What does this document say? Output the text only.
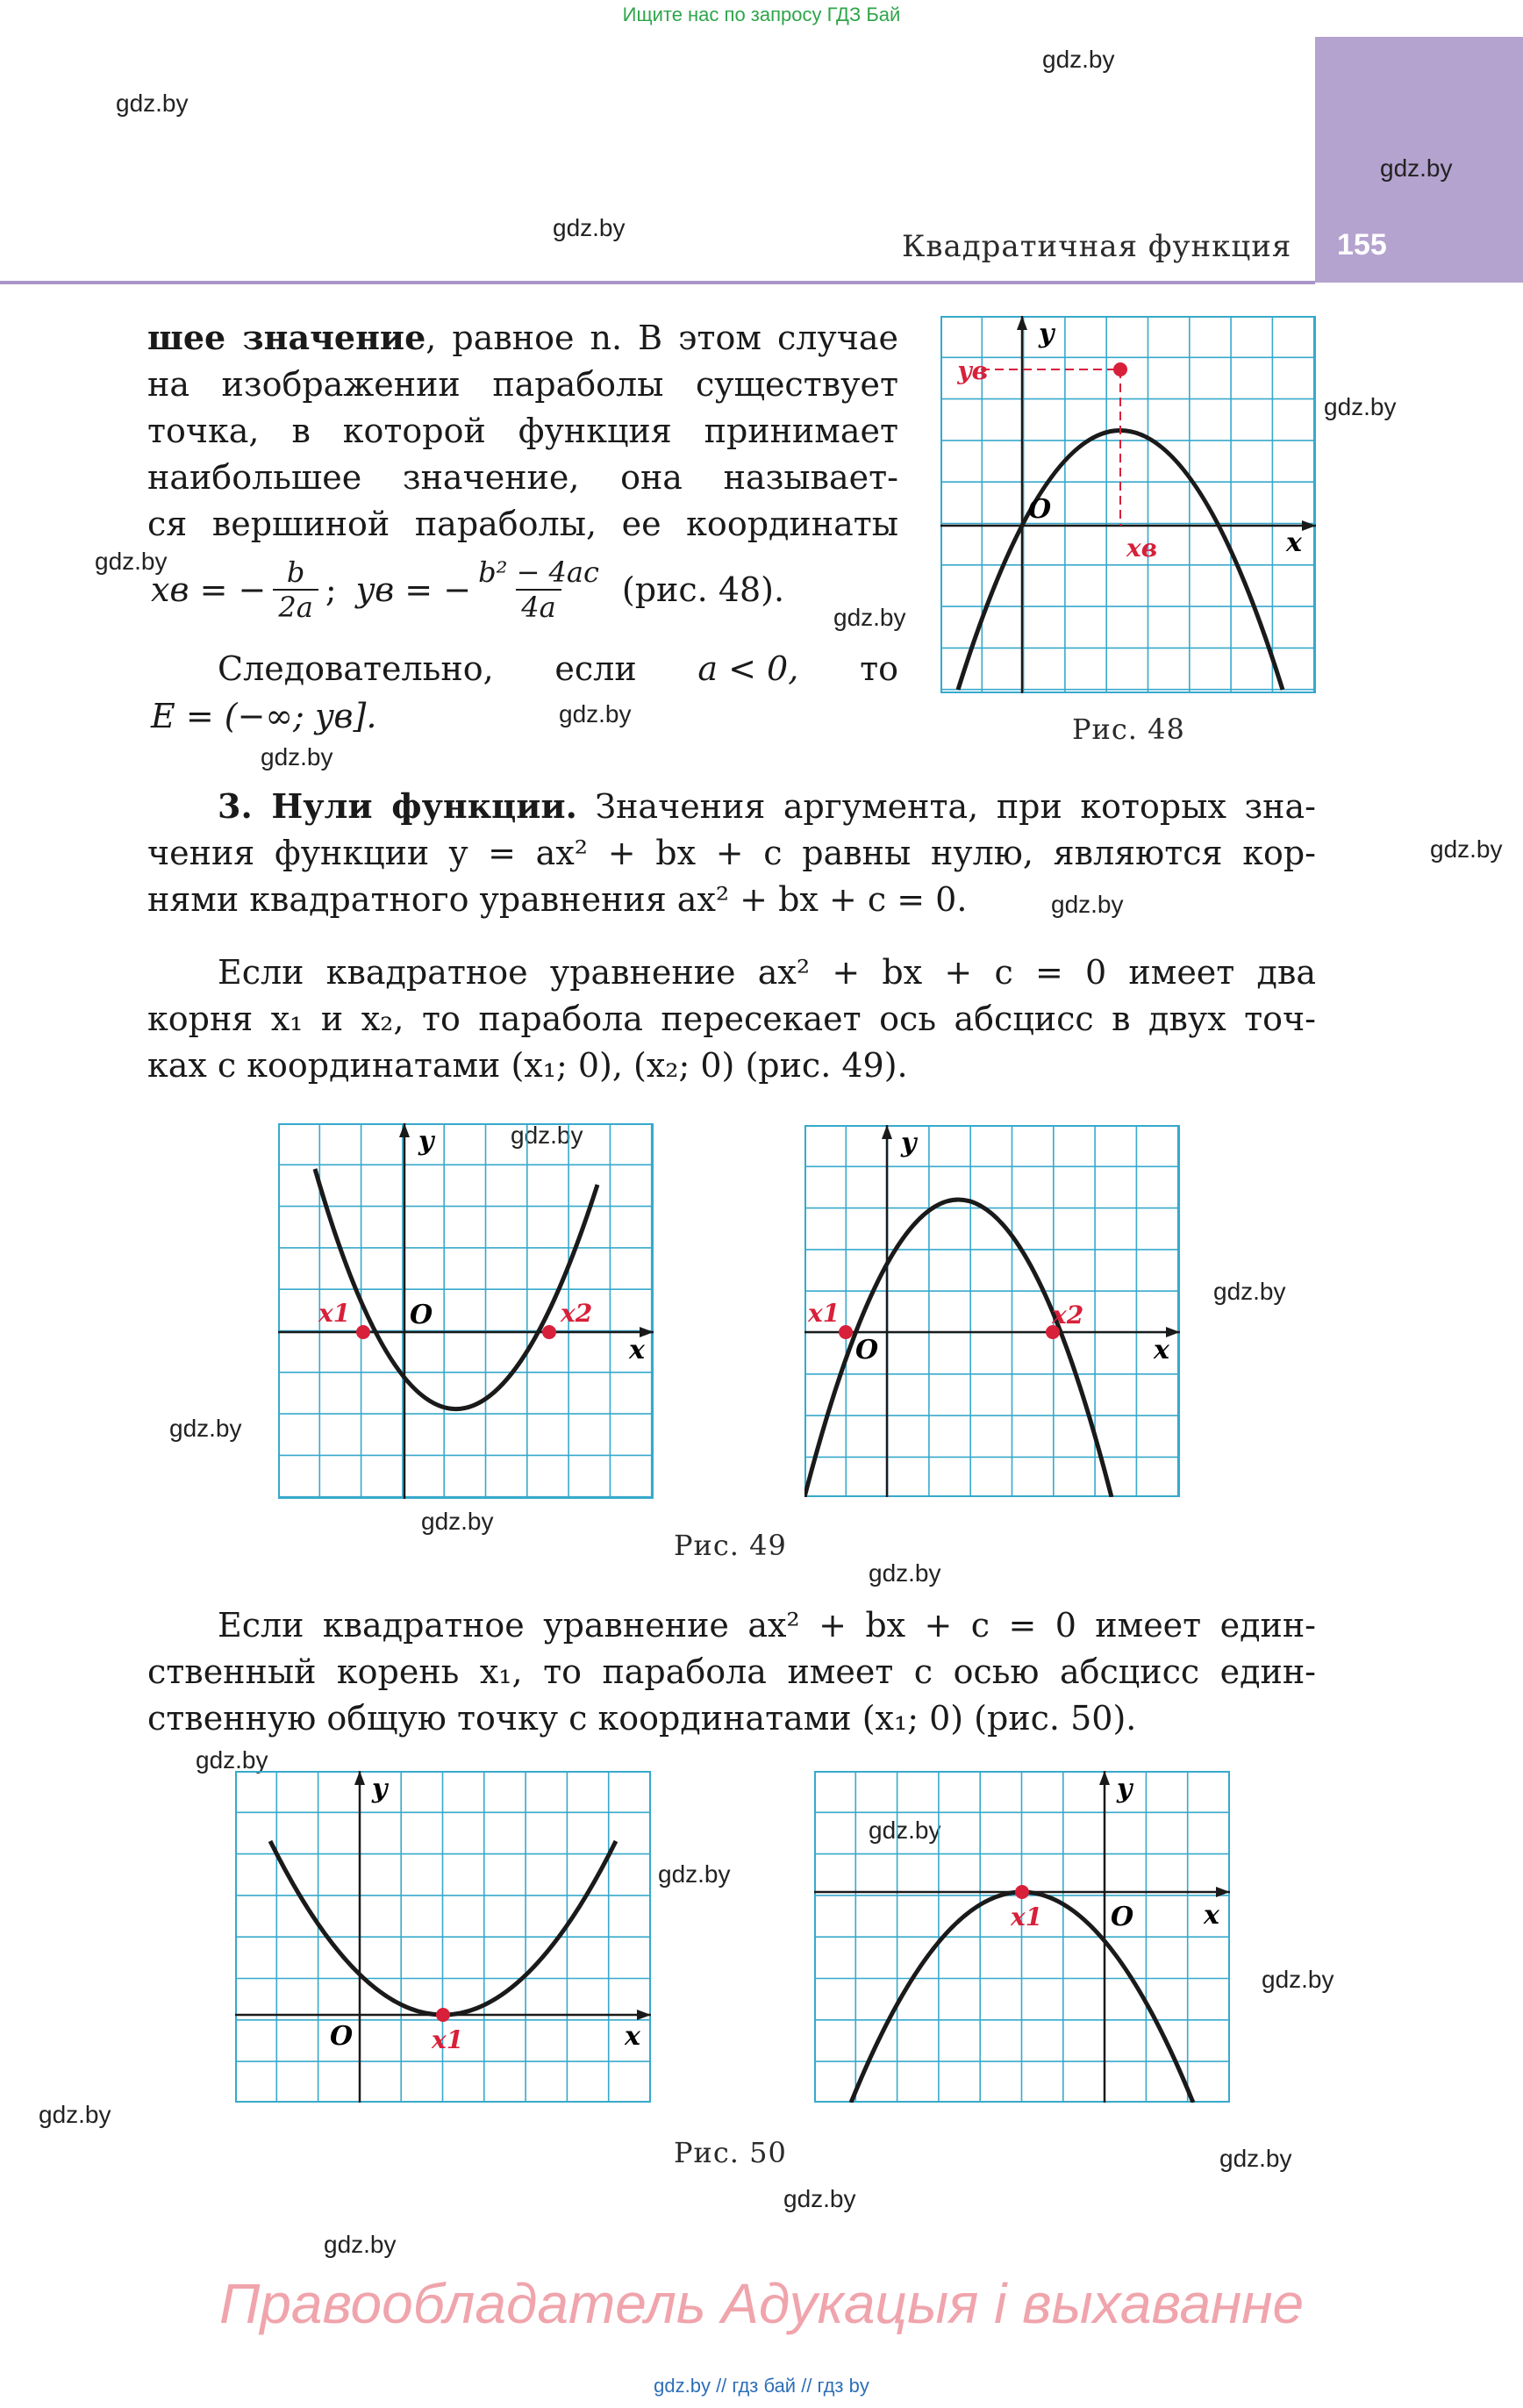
Ищите нас по запросу ГДЗ Бай
Квадратичная функция 155
gdz.by
gdz.by
gdz.by
gdz.by
gdz.by
gdz.by
gdz.by
gdz.by
gdz.by
gdz.by
gdz.by
gdz.by
gdz.by
gdz.by
gdz.by
gdz.by
gdz.by
gdz.by
gdz.by
gdz.by
gdz.by
gdz.by
gdz.by
gdz.by
шее значение, равное n. В этом случае
на изображении параболы существует
точка, в которой функция принимает
наибольшее значение, она называет-
ся вершиной параболы, ее координаты
xв = − $\frac{b}{2a}$ ; yв = − $\frac{\text{b² − 4ac}}{4a} (рис$. 48).
Следовательно, если a < 0, то
E = (−∞; yв].
y
x
O
yв
xв
Рис. 48
3. Нули функции. Значения аргумента, при которых зна-
чения функции y = ax² + bx + c равны нулю, являются кор-
нями квадратного уравнения ax² + bx + c = 0.
Если квадратное уравнение ax² + bx + c = 0 имеет два
корня x₁ и x₂, то парабола пересекает ось абсцисс в двух точ-
ках с координатами (x₁; 0), (x₂; 0) (рис. 49).
y
x
O
x1	x2
y
x
O
x1	x2
Рис. 49
Если квадратное уравнение ax² + bx + c = 0 имеет един-
ственный корень x₁, то парабола имеет с осью абсцисс един-
ственную общую точку с координатами (x₁; 0) (рис. 50).
y
x
O	x1
y
x
O
x1
Рис. 50
Правообладатель Адукацыя і выхаванне
gdz.by // гдз бай // гдз by
